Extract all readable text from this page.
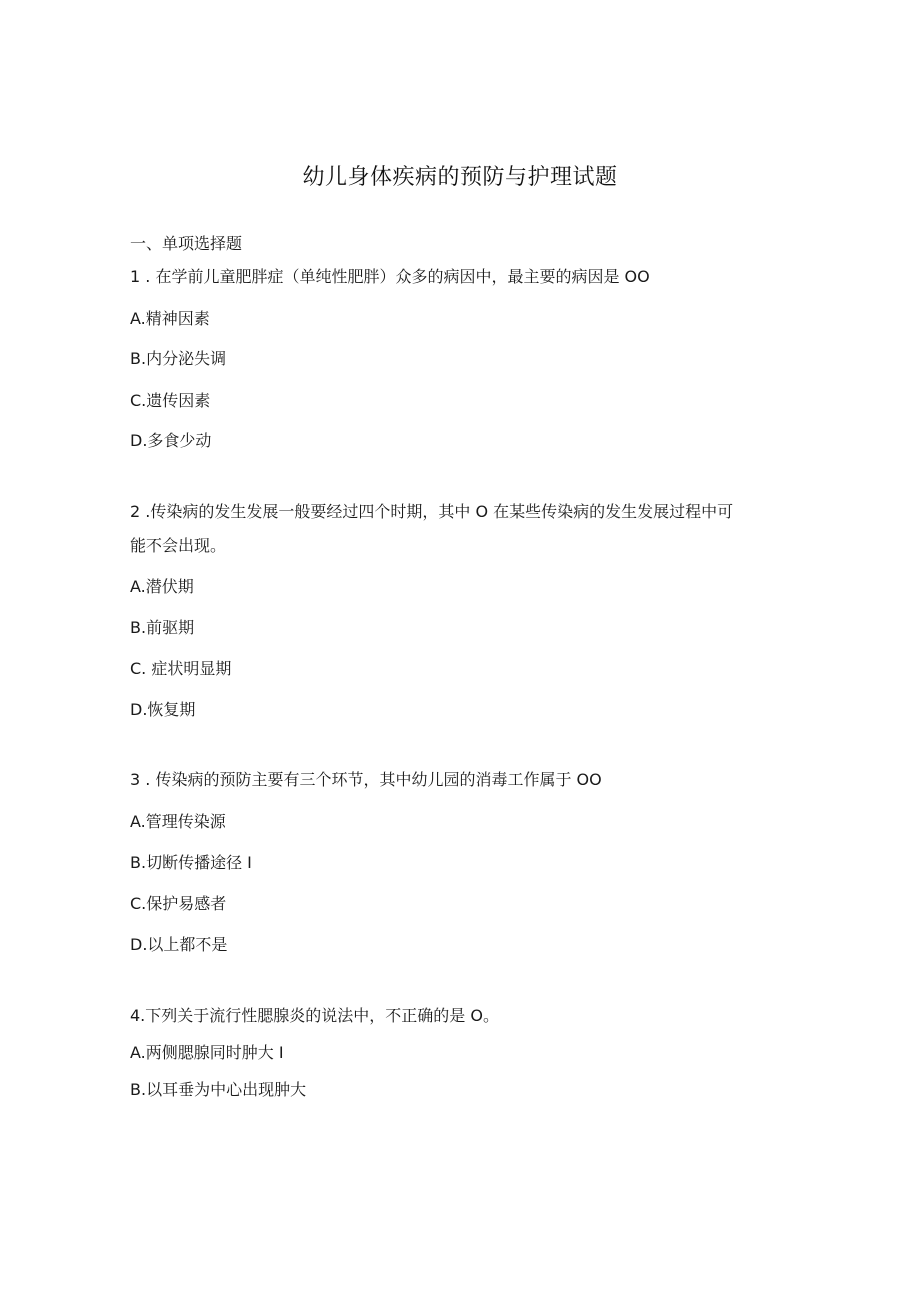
幼儿身体疾病的预防与护理试题
一、单项选择题
1 . 在学前儿童肥胖症（单纯性肥胖）众多的病因中，最主要的病因是 OO
A.精神因素
B.内分泌失调
C.遗传因素
D.多食少动
2 .传染病的发生发展一般要经过四个时期，其中 O 在某些传染病的发生发展过程中可
能不会出现。
A.潜伏期
B.前驱期
C. 症状明显期
D.恢复期
3 . 传染病的预防主要有三个环节，其中幼儿园的消毒工作属于 OO
A.管理传染源
B.切断传播途径 I
C.保护易感者
D.以上都不是
4.下列关于流行性腮腺炎的说法中，不正确的是 O。
A.两侧腮腺同时肿大 I
B.以耳垂为中心出现肿大
